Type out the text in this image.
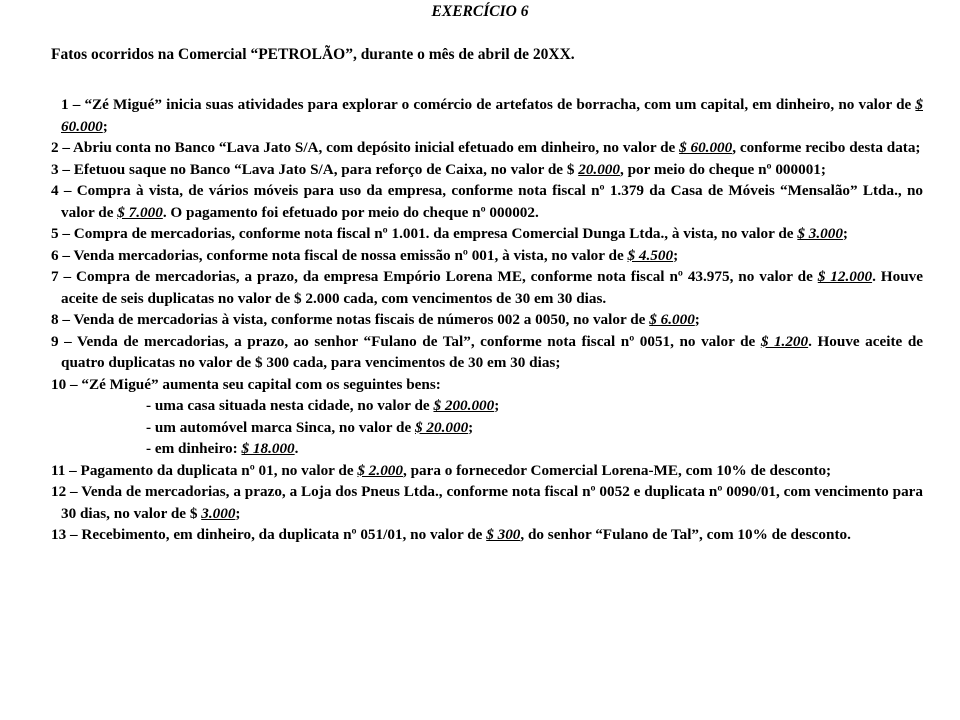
EXERCÍCIO 6
Fatos ocorridos na Comercial “PETROLÃO”, durante o mês de abril de 20XX.
1 – “Zé Migué” inicia suas atividades para explorar o comércio de artefatos de borracha, com um capital, em dinheiro, no valor de $ 60.000;
2 – Abriu conta no Banco “Lava Jato S/A, com depósito inicial efetuado em dinheiro, no valor de $ 60.000, conforme recibo desta data;
3 – Efetuou saque no Banco “Lava Jato S/A, para reforço de Caixa, no valor de $ 20.000, por meio do cheque nº 000001;
4 – Compra à vista, de vários móveis para uso da empresa, conforme nota fiscal nº 1.379 da Casa de Móveis “Mensalão” Ltda., no valor de $ 7.000. O pagamento foi efetuado por meio do cheque nº 000002.
5 – Compra de mercadorias, conforme nota fiscal nº 1.001. da empresa Comercial Dunga Ltda., à vista, no valor de $ 3.000;
6 – Venda mercadorias, conforme nota fiscal de nossa emissão nº 001, à vista, no valor de $ 4.500;
7 – Compra de mercadorias, a prazo, da empresa Empório Lorena ME, conforme nota fiscal nº 43.975, no valor de $ 12.000. Houve aceite de seis duplicatas no valor de $ 2.000 cada, com vencimentos de 30 em 30 dias.
8 – Venda de mercadorias à vista, conforme notas fiscais de números 002 a 0050, no valor de $ 6.000;
9 – Venda de mercadorias, a prazo, ao senhor “Fulano de Tal”, conforme nota fiscal nº 0051, no valor de $ 1.200. Houve aceite de quatro duplicatas no valor de $ 300 cada, para vencimentos de 30 em 30 dias;
10 – “Zé Migué” aumenta seu capital com os seguintes bens:
- uma casa situada nesta cidade, no valor de $ 200.000;
- um automóvel marca Sinca, no valor de $ 20.000;
- em dinheiro: $ 18.000.
11 – Pagamento da duplicata nº 01, no valor de $ 2.000, para o fornecedor Comercial Lorena-ME, com 10% de desconto;
12 – Venda de mercadorias, a prazo, a Loja dos Pneus Ltda., conforme nota fiscal nº 0052 e duplicata nº 0090/01, com vencimento para 30 dias, no valor de $ 3.000;
13 – Recebimento, em dinheiro, da duplicata nº 051/01, no valor de $ 300, do senhor “Fulano de Tal”, com 10% de desconto.
